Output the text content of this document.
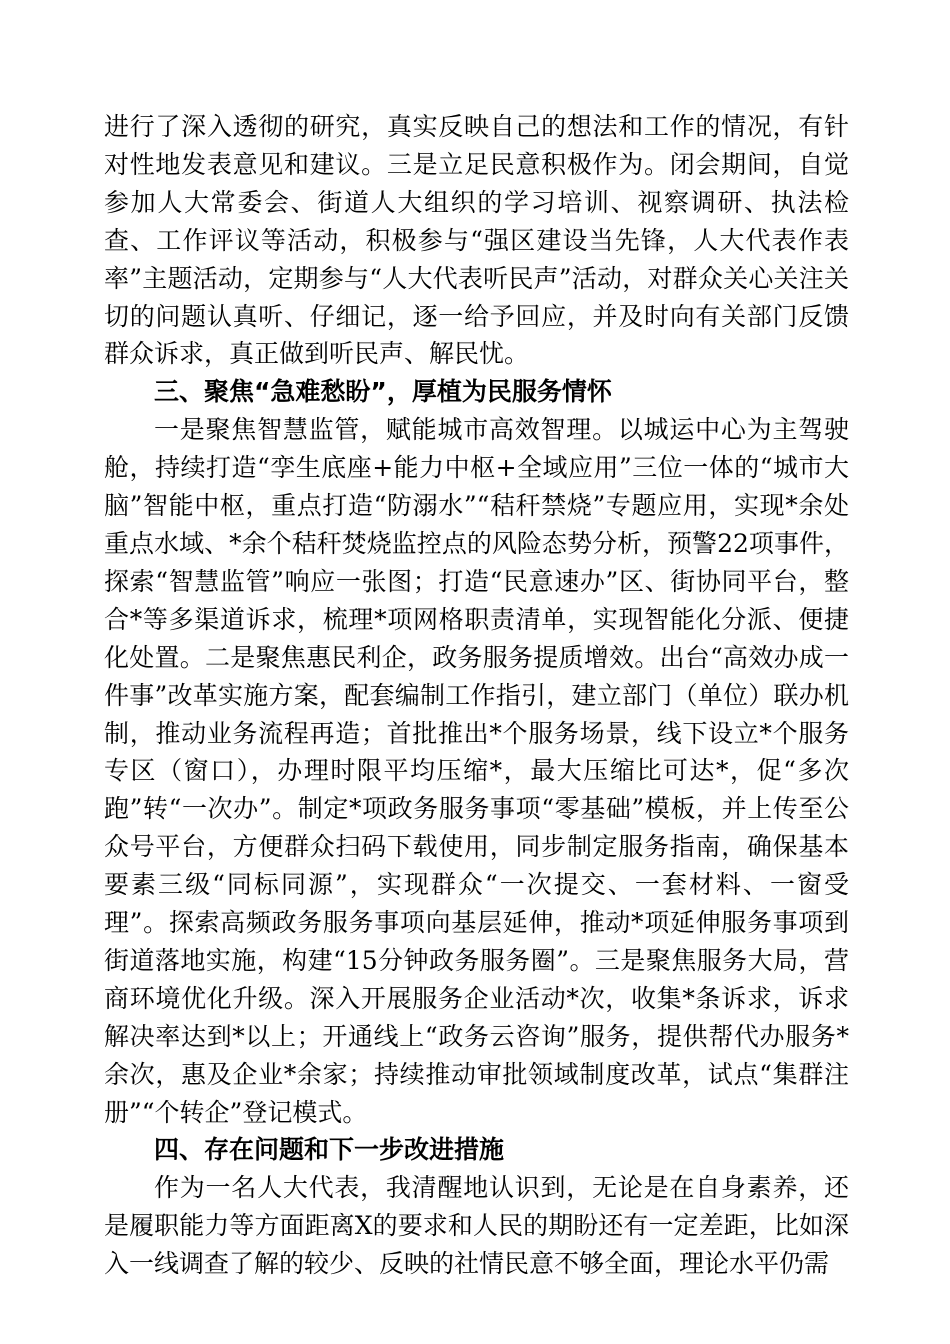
进行了深入透彻的研究，真实反映自己的想法和工作的情况，有针对性地发表意见和建议。三是立足民意积极作为。闭会期间，自觉参加人大常委会、街道人大组织的学习培训、视察调研、执法检查、工作评议等活动，积极参与“强区建设当先锋，人大代表作表率”主题活动，定期参与“人大代表听民声”活动，对群众关心关注关切的问题认真听、仔细记，逐一给予回应，并及时向有关部门反馈群众诉求，真正做到听民声、解民忧。

三、聚焦“急难愁盼”，厚植为民服务情怀

一是聚焦智慧监管，赋能城市高效智理。以城运中心为主驾驶舱，持续打造“孪生底座+能力中枢+全域应用”三位一体的“城市大脑”智能中枢，重点打造“防溺水”“秸秆禁烧”专题应用，实现*余处重点水域、*余个秸秆焚烧监控点的风险态势分析，预警22项事件，探索“智慧监管”响应一张图；打造“民意速办”区、街协同平台，整合*等多渠道诉求，梳理*项网格职责清单，实现智能化分派、便捷化处置。二是聚焦惠民利企，政务服务提质增效。出台“高效办成一件事”改革实施方案，配套编制工作指引，建立部门（单位）联办机制，推动业务流程再造；首批推出*个服务场景，线下设立*个服务专区（窗口），办理时限平均压缩*，最大压缩比可达*，促“多次跑”转“一次办”。制定*项政务服务事项“零基础”模板，并上传至公众号平台，方便群众扫码下载使用，同步制定服务指南，确保基本要素三级“同标同源”，实现群众“一次提交、一套材料、一窗受理”。探索高频政务服务事项向基层延伸，推动*项延伸服务事项到街道落地实施，构建“15分钟政务服务圈”。三是聚焦服务大局，营商环境优化升级。深入开展服务企业活动*次，收集*条诉求，诉求解决率达到*以上；开通线上“政务云咨询”服务，提供帮代办服务*余次，惠及企业*余家；持续推动审批领域制度改革，试点“集群注册”“个转企”登记模式。

四、存在问题和下一步改进措施

作为一名人大代表，我清醒地认识到，无论是在自身素养，还是履职能力等方面距离X的要求和人民的期盼还有一定差距，比如深入一线调查了解的较少、反映的社情民意不够全面，理论水平仍需
